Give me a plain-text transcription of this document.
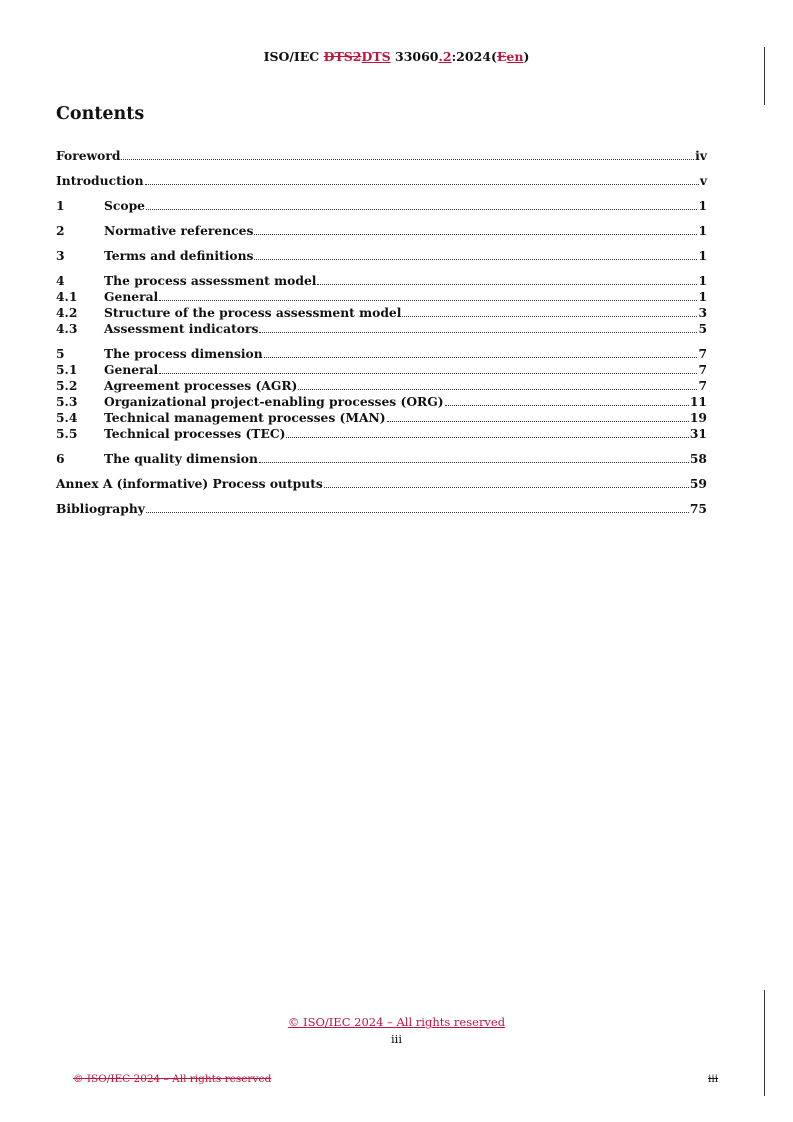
ISO/IEC DTS2DTS 33060.2:2024(Een)
Contents
Foreword	iv
Introduction	v
1	Scope	1
2	Normative references	1
3	Terms and definitions	1
4	The process assessment model	1
4.1	General	1
4.2	Structure of the process assessment model	3
4.3	Assessment indicators	5
5	The process dimension	7
5.1	General	7
5.2	Agreement processes (AGR)	7
5.3	Organizational project-enabling processes (ORG)	11
5.4	Technical management processes (MAN)	19
5.5	Technical processes (TEC)	31
6	The quality dimension	58
Annex A (informative) Process outputs	59
Bibliography	75
© ISO/IEC 2024 – All rights reserved
iii
© ISO/IEC 2024 – All rights reserved	iii
